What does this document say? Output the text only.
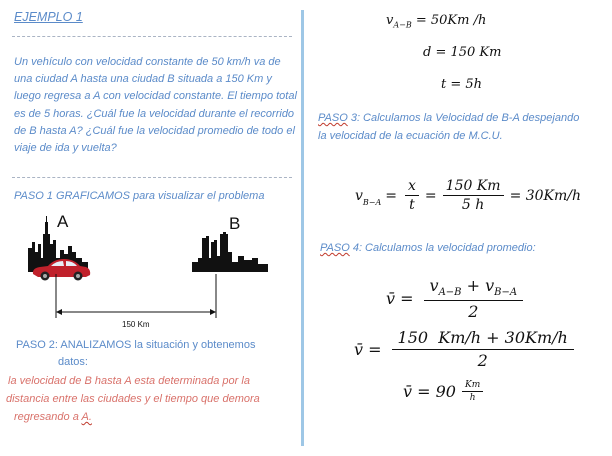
EJEMPLO 1
Un vehículo con velocidad constante de 50 km/h va de una ciudad A hasta una ciudad B situada a 150 Km y luego regresa a A con velocidad constante. El tiempo total es de 5 horas. ¿Cuál fue la velocidad durante el recorrido de B hasta A? ¿Cuál fue la velocidad promedio de todo el viaje de ida y vuelta?
PASO 1 GRAFICAMOS para visualizar el problema
A	B
150 Km
PASO 2: ANALIZAMOS la situación y obtenemos
datos:
la velocidad de B hasta A esta determinada por la
distancia entre las ciudades y el tiempo que demora
regresando a A.
$v_{A-B} = 50Km$ /h
d = 150 Km
t = 5h
PASO 3: Calculamos la Velocidad de B-A despejando
la velocidad de la ecuación de M.C.U.
$v_{B-A} = \frac{x}{t} = \frac{150 Km}{5 h} = 30Km/h$
PASO 4: Calculamos la velocidad promedio:
v̄ = $\frac{v_{A-B} + v_{B-A}}{2}$
v̄ = $\frac{150 Km/h + 30Km/h}{2}$
v̄ = $90 \frac{Km}{h}$
